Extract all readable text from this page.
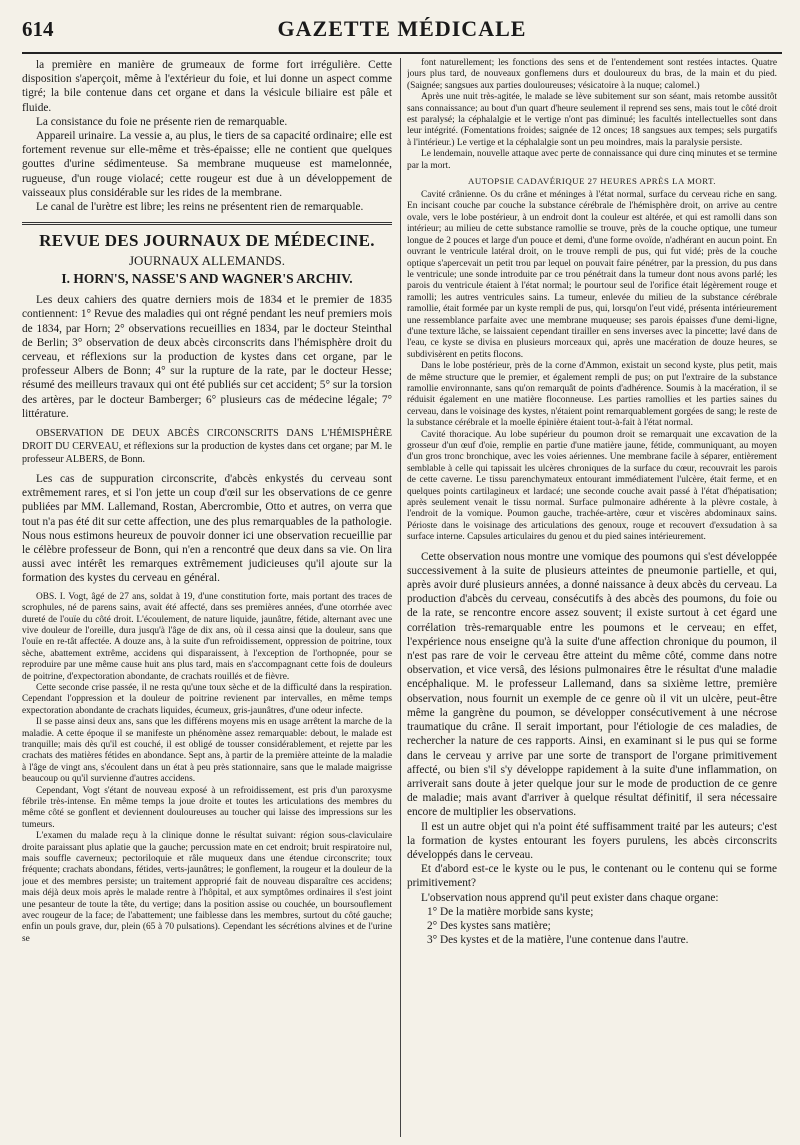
614	GAZETTE MÉDICALE

la première en manière de grumeaux de forme fort irrégulière. Cette disposition s'aperçoit, même à l'extérieur du foie, et lui donne un aspect comme tigré; la bile contenue dans cet organe et dans la vésicule biliaire est pâle et fluide.

La consistance du foie ne présente rien de remarquable.

Appareil urinaire. La vessie a, au plus, le tiers de sa capacité ordinaire; elle est fortement revenue sur elle-même et très-épaisse; elle ne contient que quelques gouttes d'urine sédimenteuse. Sa membrane muqueuse est mamelonnée, rugueuse, d'un rouge violacé; cette rougeur est due à un développement de vaisseaux plus considérable sur les rides de la membrane.

Le canal de l'urètre est libre; les reins ne présentent rien de remarquable.

REVUE DES JOURNAUX DE MÉDECINE.
JOURNAUX ALLEMANDS.
I. HORN'S, NASSE'S AND WAGNER'S ARCHIV.

Les deux cahiers des quatre derniers mois de 1834 et le premier de 1835 contiennent: 1° Revue des maladies qui ont régné pendant les neuf premiers mois de 1834, par Horn; 2° observations recueillies en 1834, par le docteur Steinthal de Berlin; 3° observation de deux abcès circonscrits dans l'hémisphère droit du cerveau, et réflexions sur la production de kystes dans cet organe, par le professeur Albers de Bonn; 4° sur la rupture de la rate, par le docteur Hesse; résumé des meilleurs travaux qui ont été publiés sur cet accident; 5° sur la torsion des artères, par le docteur Bamberger; 6° plusieurs cas de médecine légale; 7° littérature.

OBSERVATION DE DEUX ABCÈS CIRCONSCRITS DANS L'HÉMISPHÈRE DROIT DU CERVEAU, et réflexions sur la production de kystes dans cet organe; par M. le professeur ALBERS, de Bonn.

Les cas de suppuration circonscrite, d'abcès enkystés du cerveau sont extrêmement rares, et si l'on jette un coup d'œil sur les observations de ce genre publiées par MM. Lallemand, Rostan, Abercrombie, Otto et autres, on verra que tout n'a pas été dit sur cette affection, une des plus remarquables de la pathologie. Nous nous estimons heureux de pouvoir donner ici une observation recueillie par le célèbre professeur de Bonn, qui n'en a rencontré que deux dans sa vie. On lira aussi avec intérêt les remarques extrêmement judicieuses qu'il ajoute sur la formation des kystes du cerveau en général.

OBS. I. Vogt, âgé de 27 ans, soldat à 19, d'une constitution forte, mais portant des traces de scrophules, né de parens sains, avait été affecté, dans ses premières années, d'une otorrhée avec dureté de l'ouïe du côté droit. L'écoulement, de nature liquide, jaunâtre, fétide, alternant avec une vive douleur de l'oreille, dura jusqu'à l'âge de dix ans, où il cessa ainsi que la douleur, sans que l'ouïe en re-tât affectée. A douze ans, à la suite d'un refroidissement, oppression de poitrine, toux sèche, abattement extrême, accidens qui disparaissent, à l'exception de l'orthopnée, pour se reproduire par une même cause huit ans plus tard, mais en s'accompagnant cette fois de douleurs de poitrine, d'expectoration abondante, de crachats rouillés et de fièvre.

Cette seconde crise passée, il ne resta qu'une toux sèche et de la difficulté dans la respiration. Cependant l'oppression et la douleur de poitrine revienent par intervalles, en même temps expectoration abondante de crachats liquides, écumeux, gris-jaunâtres, d'une odeur infecte.

Il se passe ainsi deux ans, sans que les différens moyens mis en usage arrêtent la marche de la maladie. A cette époque il se manifeste un phénomène assez remarquable: debout, le malade est tranquille; mais dès qu'il est couché, il est obligé de tousser considérablement, et rejette par les crachats des matières fétides en abondance. Sept ans, à partir de la première atteinte de la maladie à l'âge de vingt ans, s'écoulent dans un état à peu près stationnaire, sans que le malade maigrisse beaucoup ou qu'il survienne d'autres accidens.

Cependant, Vogt s'étant de nouveau exposé à un refroidissement, est pris d'un paroxysme fébrile très-intense. En même temps la joue droite et toutes les articulations des membres du même côté se gonflent et deviennent douloureuses au toucher qui laisse des impressions sur les tumeurs.

L'examen du malade reçu à la clinique donne le résultat suivant: région sous-claviculaire droite paraissant plus aplatie que la gauche; percussion mate en cet endroit; bruit respiratoire nul, mais souffle caverneux; pectoriloquie et râle muqueux dans une étendue circonscrite; toux fréquente; crachats abondans, fétides, verts-jaunâtres; le gonflement, la rougeur et la douleur de la joue et des membres persiste; un traitement approprié fait de nouveau disparaître ces accidens; mais déjà deux mois après le malade rentre à l'hôpital, et aux symptômes ordinaires il s'est joint une pesanteur de toute la tête, du vertige; dans la position assise ou couchée, un boursouflement avec rougeur de la face; de l'abattement; une faiblesse dans les membres, surtout du côté gauche; enfin un pouls grave, dur, plein (65 à 70 pulsations). Cependant les sécrétions alvines et de l'urine se

font naturellement; les fonctions des sens et de l'entendement sont restées intactes. Quatre jours plus tard, de nouveaux gonflemens durs et douloureux du bras, de la main et du pied. (Saignée; sangsues aux parties douloureuses; vésicatoire à la nuque; calomel.)

Après une nuit très-agitée, le malade se lève subitement sur son séant, mais retombe aussitôt sans connaissance; au bout d'un quart d'heure seulement il reprend ses sens, mais tout le côté droit est paralysé; la céphalalgie et le vertige n'ont pas diminué; les facultés intellectuelles sont dans leur intégrité. (Fomentations froides; saignée de 12 onces; 18 sangsues aux tempes; sels purgatifs à l'intérieur.) Le vertige et la céphalalgie sont un peu moindres, mais la paralysie persiste.

Le lendemain, nouvelle attaque avec perte de connaissance qui dure cinq minutes et se termine par la mort.

AUTOPSIE CADAVÉRIQUE 27 HEURES APRÈS LA MORT.

Cavité crânienne. Os du crâne et méninges à l'état normal, surface du cerveau riche en sang. En incisant couche par couche la substance cérébrale de l'hémisphère droit, on arrive au centre ovale, vers le lobe postérieur, à un endroit dont la couleur est altérée, et qui est ramolli dans son intérieur; au milieu de cette substance ramollie se trouve, près de la couche optique, une tumeur longue de 2 pouces et large d'un pouce et demi, d'une forme ovoïde, n'adhérant en aucun point. En ouvrant le ventricule latéral droit, on le trouve rempli de pus, qui fut vidé; près de la couche optique s'apercevait un petit trou par lequel on pouvait faire pénétrer, par la pression, du pus dans le ventricule; une sonde introduite par ce trou pénétrait dans la tumeur dont nous avons parlé; les parois du ventricule étaient à l'état normal; le pourtour seul de l'orifice était légèrement rouge et ramolli; les autres ventricules sains. La tumeur, enlevée du milieu de la substance cérébrale ramollie, était formée par un kyste rempli de pus, qui, lorsqu'on l'eut vidé, présenta intérieurement une ressemblance parfaite avec une membrane muqueuse; ses parois épaisses d'une demi-ligne, d'une texture lâche, se laissaient cependant tirailler en sens inverses avec la pincette; lavé dans de l'eau, ce kyste se divisa en plusieurs morceaux qui, après une macération de douze heures, se subdivisèrent en petits flocons.

Dans le lobe postérieur, près de la corne d'Ammon, existait un second kyste, plus petit, mais de même structure que le premier, et également rempli de pus; on put l'extraire de la substance ramollie environnante, sans qu'on remarquât de points d'adhérence. Soumis à la macération, il se réduisit également en une matière floconneuse. Les parties ramollies et les parties saines du cerveau, dans le voisinage des kystes, n'étaient point remarquablement gorgées de sang; le reste de la substance cérébrale et la moelle épinière étaient tout-à-fait à l'état normal.

Cavité thoracique. Au lobe supérieur du poumon droit se remarquait une excavation de la grosseur d'un œuf d'oie, remplie en partie d'une matière jaune, fétide, communiquant, au moyen d'un gros tronc bronchique, avec les voies aériennes. Une membrane facile à séparer, entièrement semblable à celle qui tapissait les ulcères chroniques de la surface du cœur, recouvrait les parois de cette caverne. Le tissu parenchymateux entourant immédiatement l'ulcère, était ferme, et en quelques points cartilagineux et lardacé; une seconde couche avait passé à l'état d'hépatisation; après seulement venait le tissu normal. Surface pulmonaire adhérente à la plèvre costale, à l'endroit de la vomique. Poumon gauche, trachée-artère, cœur et viscères abdominaux sains. Périoste dans le voisinage des articulations des genoux, rouge et recouvert d'exsudation à sa surface interne. Capsules articulaires du genou et du pied saines intérieurement.

Cette observation nous montre une vomique des poumons qui s'est développée successivement à la suite de plusieurs atteintes de pneumonie partielle, et qui, après avoir duré plusieurs années, a donné naissance à deux abcès du cerveau. La production d'abcès du cerveau, consécutifs à des abcès des poumons, du foie ou de la rate, se rencontre encore assez souvent; il existe surtout à cet égard une corrélation très-remarquable entre les poumons et le cerveau; en effet, l'expérience nous enseigne qu'à la suite d'une affection chronique du poumon, il n'est pas rare de voir le cerveau être atteint du même côté, comme dans notre observation, et vice versâ, des lésions pulmonaires être le résultat d'une maladie encéphalique. M. le professeur Lallemand, dans sa sixième lettre, première observation, nous fournit un exemple de ce genre où il vit un ulcère, peut-être même la gangrène du poumon, se développer consécutivement à une nécrose traumatique du crâne. Il serait important, pour l'étiologie de ces maladies, de rechercher la nature de ces rapports. Ainsi, en examinant si le pus qui se forme dans le cerveau y arrive par une sorte de transport de l'organe primitivement affecté, ou bien s'il s'y développe rapidement à la suite d'une inflammation, on arriverait sans doute à jeter quelque jour sur le mode de production de ce genre de maladie; mais avant d'arriver à quelque résultat définitif, il sera nécessaire encore de multiplier les observations.

Il est un autre objet qui n'a point été suffisamment traité par les auteurs; c'est la formation de kystes entourant les foyers purulens, les abcès circonscrits développés dans le cerveau.

Et d'abord est-ce le kyste ou le pus, le contenant ou le contenu qui se forme primitivement?

L'observation nous apprend qu'il peut exister dans chaque organe:

1° De la matière morbide sans kyste;
2° Des kystes sans matière;
3° Des kystes et de la matière, l'une contenue dans l'autre.
